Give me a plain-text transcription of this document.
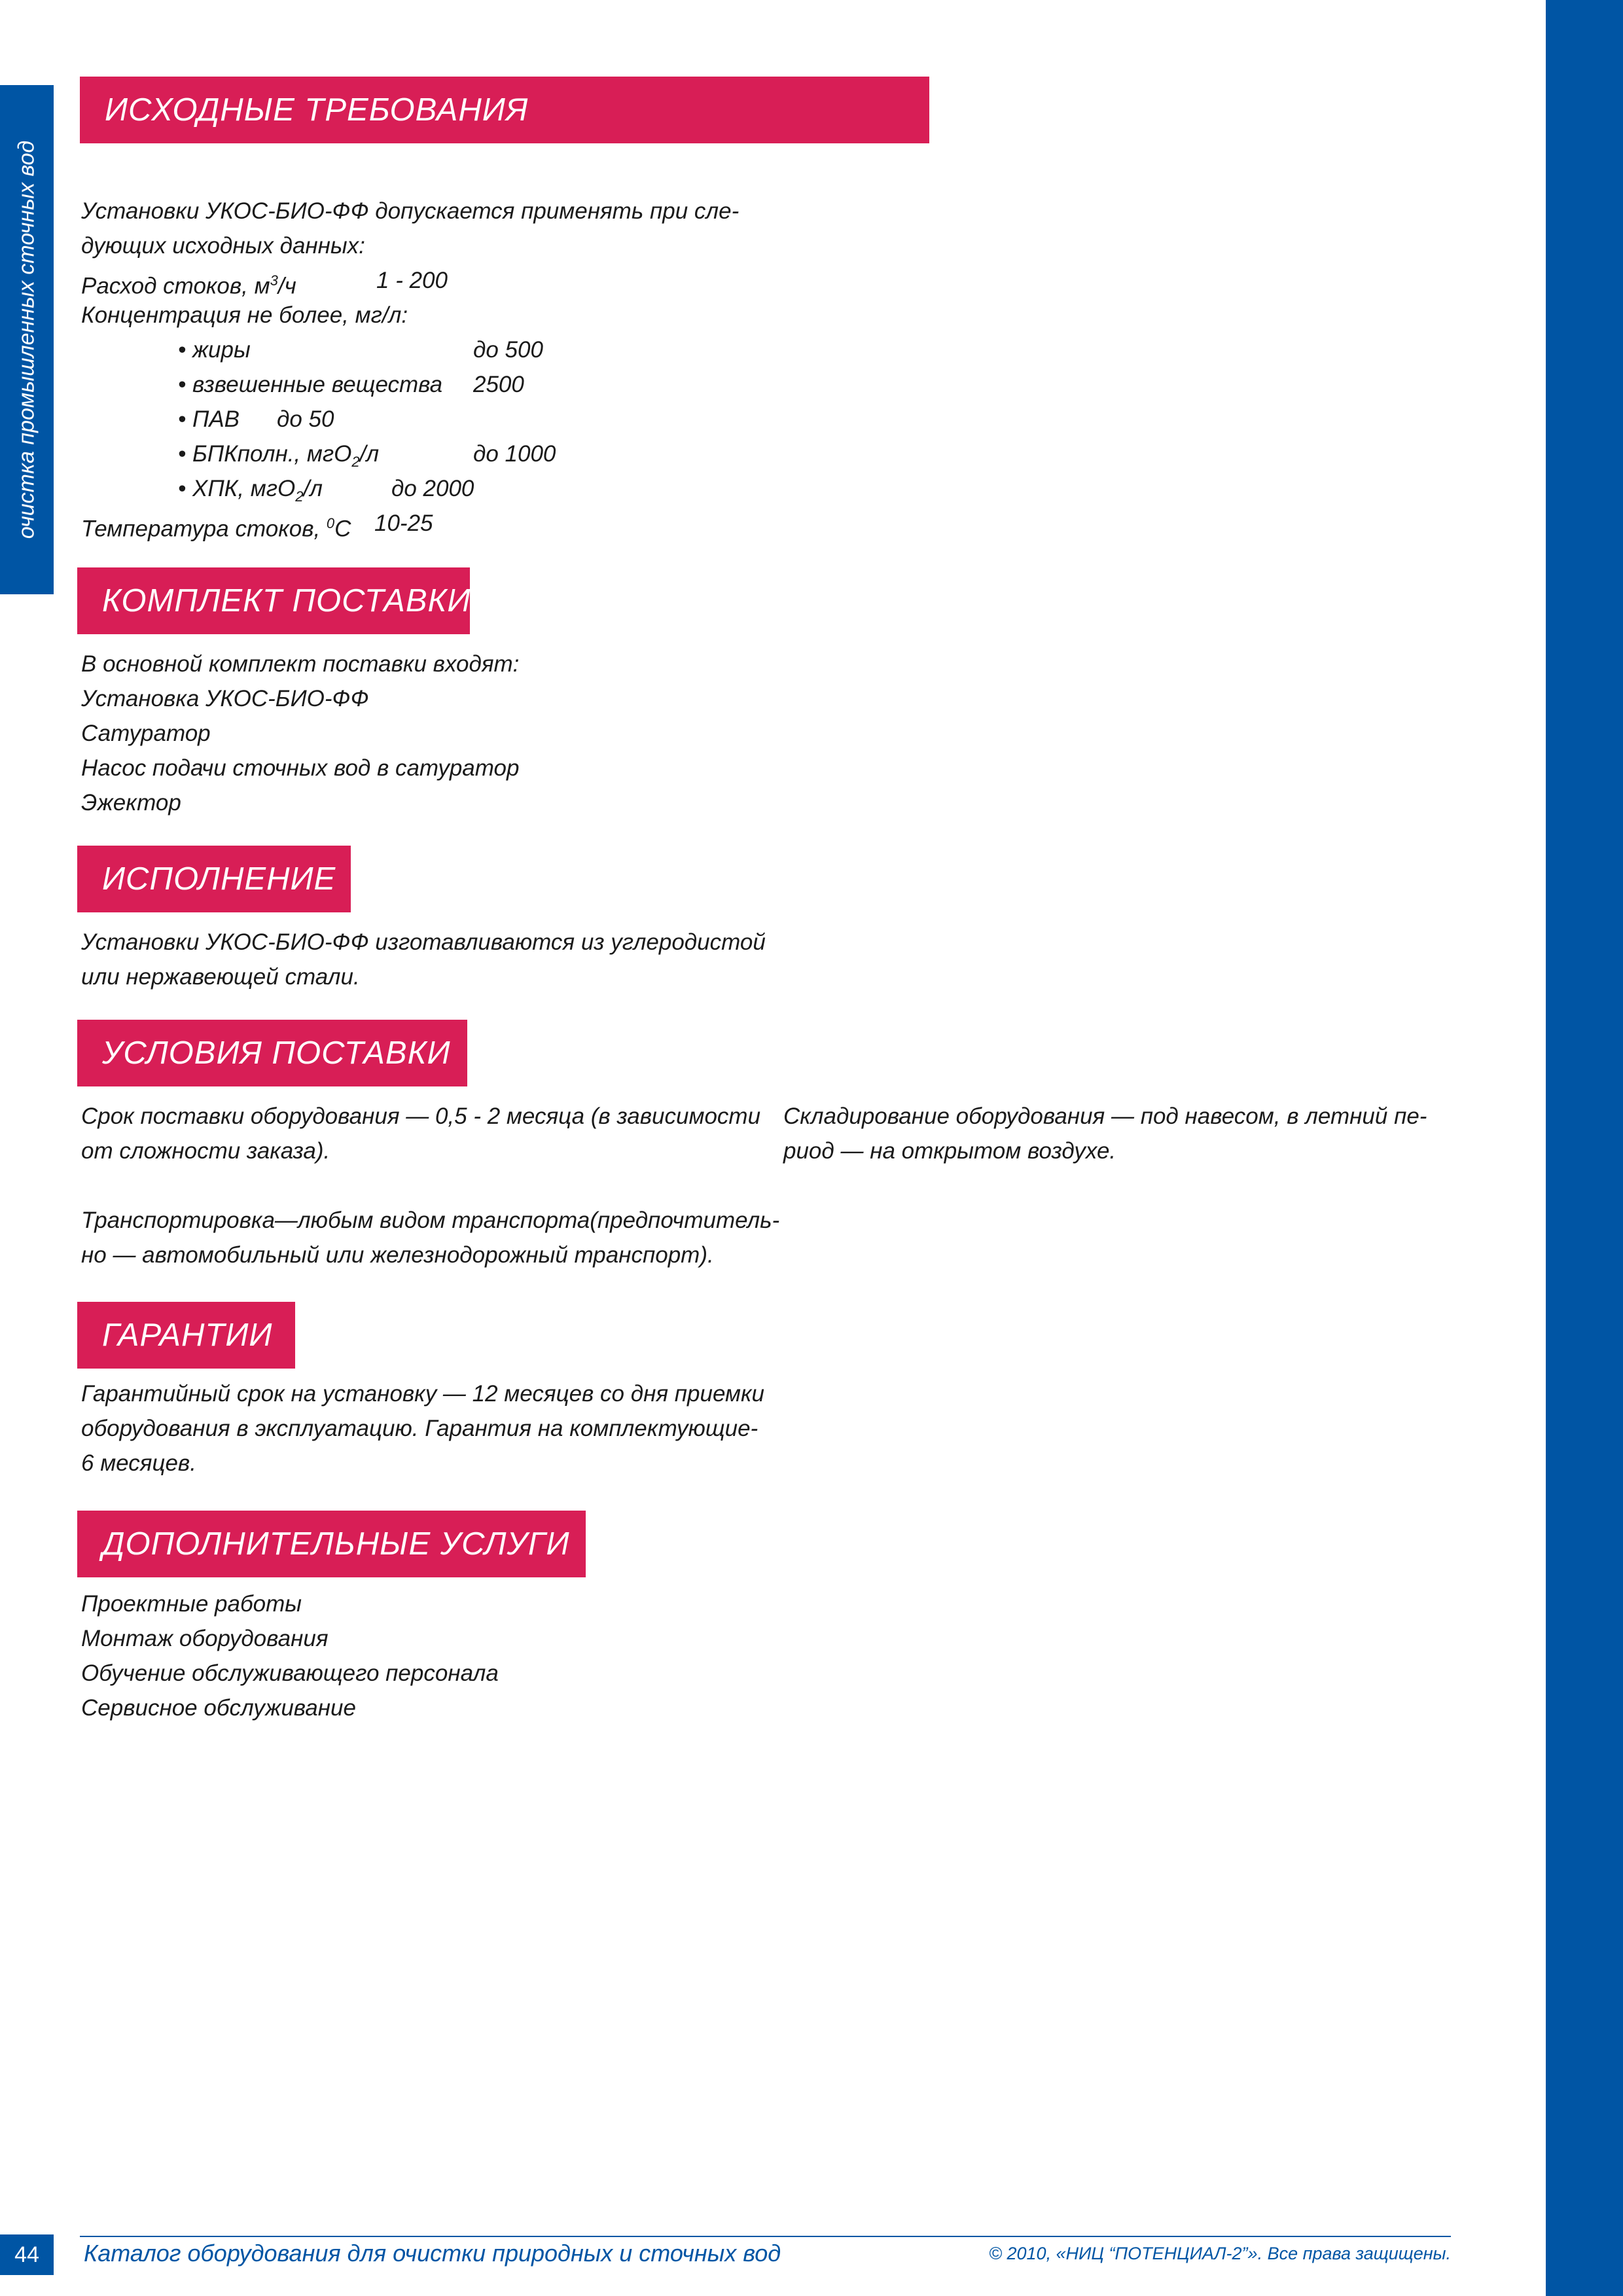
очистка промышленных сточных вод
ИСХОДНЫЕ ТРЕБОВАНИЯ
Установки УКОС-БИО-ФФ допускается применять при сле-
дующих исходных данных:
Расход стоков, $м^3/ч$	1 - 200
Концентрация не более, мг/л:
• жиры	до 500
• взвешенные вещества 2500
• ПАВ до 50
• БПКполн., мгО$_2$/л	до 1000
• ХПК, мгО$_2$/л	до 2000
Температура стоков, $^0$С 10-25
КОМПЛЕКТ ПОСТАВКИ
В основной комплект поставки входят:
Установка УКОС-БИО-ФФ
Сатуратор
Насос подачи сточных вод в сатуратор
Эжектор
ИСПОЛНЕНИЕ
Установки УКОС-БИО-ФФ изготавливаются из углеродистой
или нержавеющей стали.
УСЛОВИЯ ПОСТАВКИ
Срок поставки оборудования — 0,5 - 2 месяца (в зависимости
от сложности заказа).
Транспортировка—любым видом транспорта(предпочтитель-
но — автомобильный или железнодорожный транспорт).
Складирование оборудования — под навесом, в летний пе-
риод — на открытом воздухе.
ГАРАНТИИ
Гарантийный срок на установку — 12 месяцев со дня приемки
оборудования в эксплуатацию. Гарантия на комплектующие-
6 месяцев.
ДОПОЛНИТЕЛЬНЫЕ УСЛУГИ
Проектные работы
Монтаж оборудования
Обучение обслуживающего персонала
Сервисное обслуживание
44	Каталог оборудования для очистки природных и сточных вод	© 2010, «НИЦ “ПОТЕНЦИАЛ-2”». Все права защищены.
